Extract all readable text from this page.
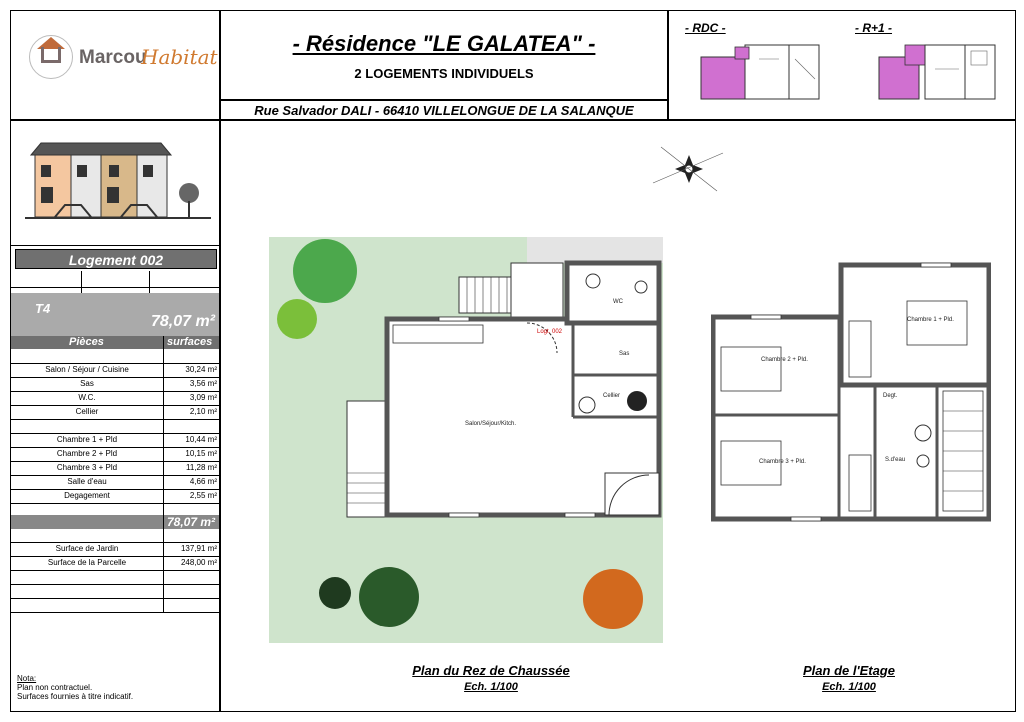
Marcou
Habitat
- Résidence "LE GALATEA" -
2 LOGEMENTS INDIVIDUELS
Rue Salvador DALI - 66410 VILLELONGUE DE LA SALANQUE
- RDC -	- R+1 -
Logement 002
T4
78,07 m²
Pièces	surfaces
78,07 m²
Nota:
Plan non contractuel.
Surfaces fournies à titre indicatif.
Salon / Séjour / Cuisine	30,24 m²
Sas	3,56 m²
W.C.	3,09 m²
Cellier	2,10 m²
Chambre 1 + Pld	10,44 m²
Chambre 2 + Pld	10,15 m²
Chambre 3 + Pld	11,28 m²
Salle d'eau	4,66 m²
Degagement	2,55 m²
Surface de Jardin	137,91 m²
Surface de la Parcelle	248,00 m²
Salon/Séjour/Kitch.
WC
Sas
Cellier
Logt. 002
Chambre 2 + Pld.
Chambre 3 + Pld.
Chambre 1 + Pld.
Degt.
S.d'eau
Plan du Rez de Chaussée
Ech. 1/100
Plan de l'Etage
Ech. 1/100
